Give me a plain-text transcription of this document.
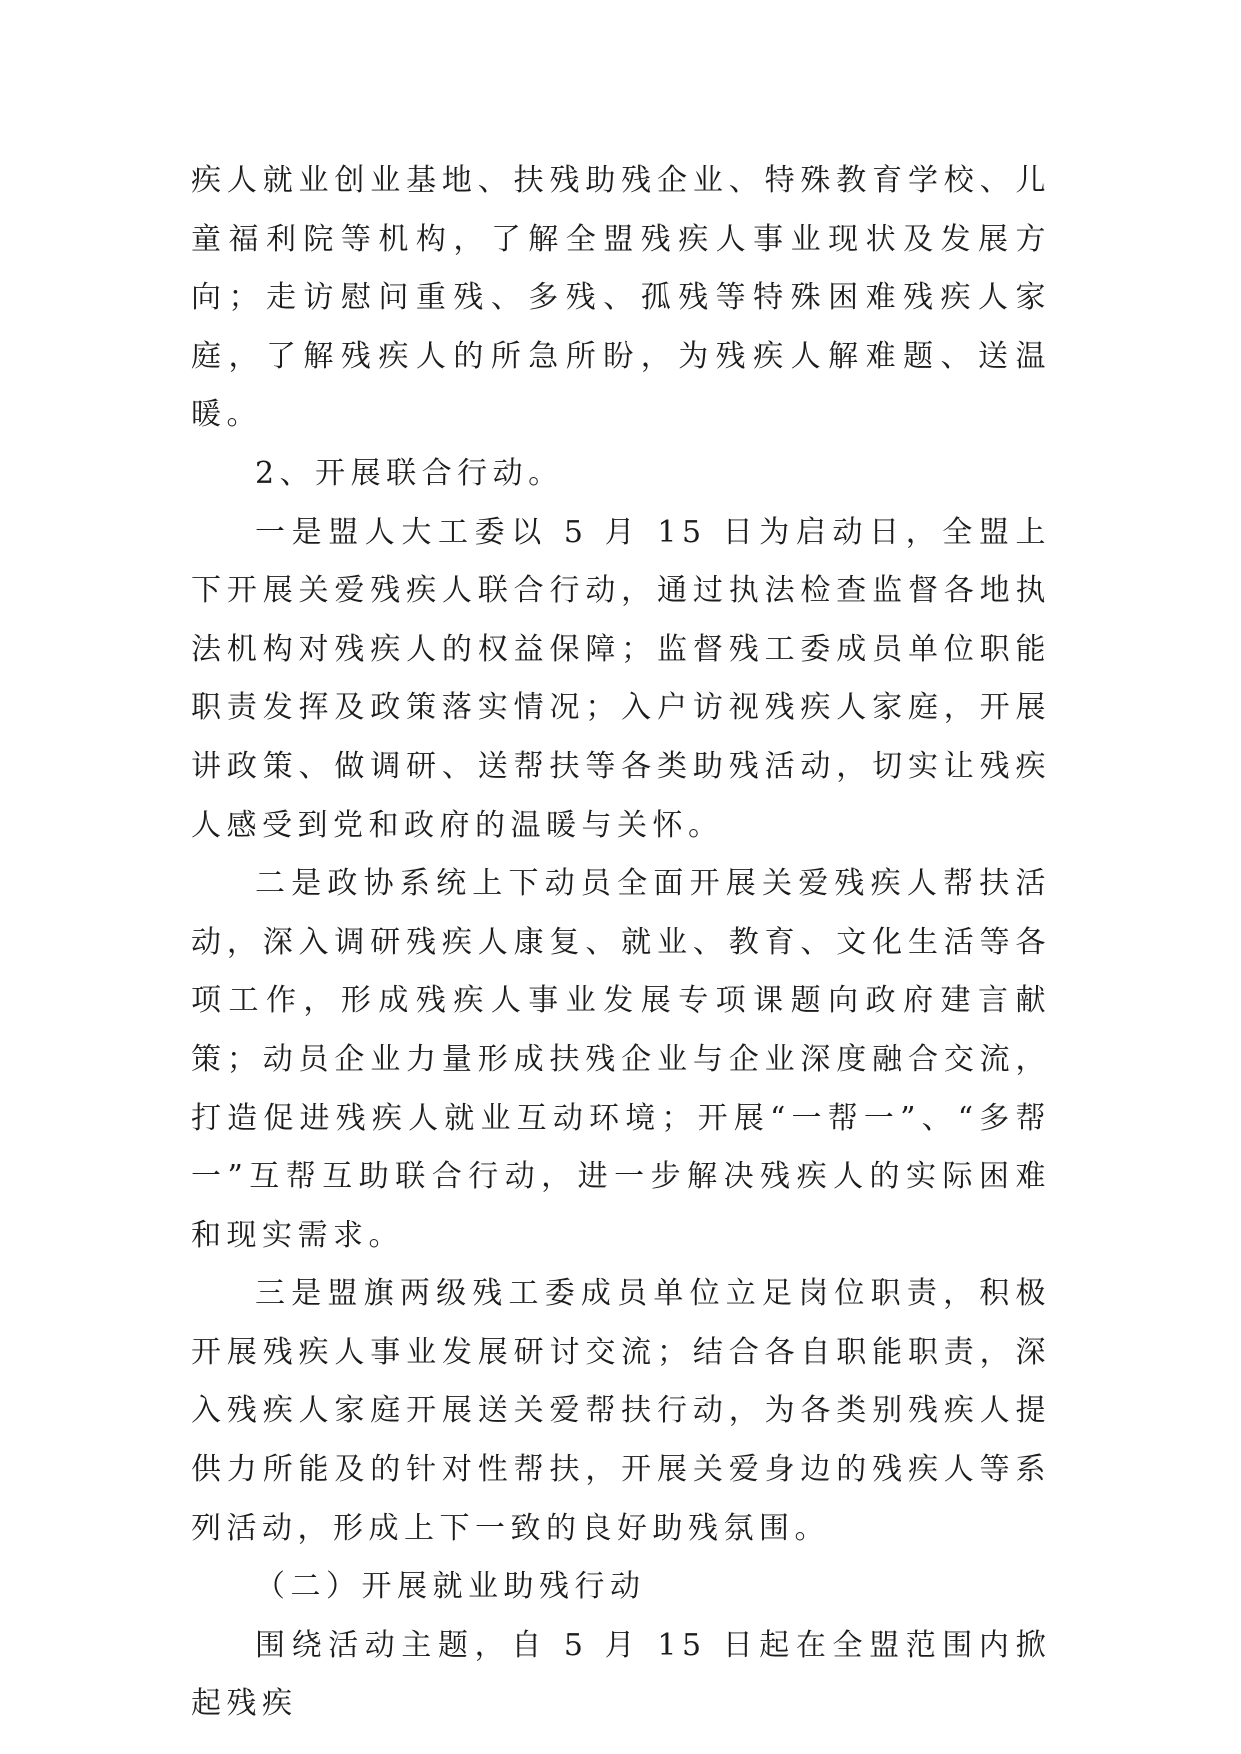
疾人就业创业基地、扶残助残企业、特殊教育学校、儿童福利院等机构，了解全盟残疾人事业现状及发展方向；走访慰问重残、多残、孤残等特殊困难残疾人家庭，了解残疾人的所急所盼，为残疾人解难题、送温暖。

2、开展联合行动。

一是盟人大工委以 5 月 15 日为启动日，全盟上下开展关爱残疾人联合行动，通过执法检查监督各地执法机构对残疾人的权益保障；监督残工委成员单位职能职责发挥及政策落实情况；入户访视残疾人家庭，开展讲政策、做调研、送帮扶等各类助残活动，切实让残疾人感受到党和政府的温暖与关怀。

二是政协系统上下动员全面开展关爱残疾人帮扶活动，深入调研残疾人康复、就业、教育、文化生活等各项工作，形成残疾人事业发展专项课题向政府建言献策；动员企业力量形成扶残企业与企业深度融合交流，打造促进残疾人就业互动环境；开展“一帮一”、“多帮一”互帮互助联合行动，进一步解决残疾人的实际困难和现实需求。

三是盟旗两级残工委成员单位立足岗位职责，积极开展残疾人事业发展研讨交流；结合各自职能职责，深入残疾人家庭开展送关爱帮扶行动，为各类别残疾人提供力所能及的针对性帮扶，开展关爱身边的残疾人等系列活动，形成上下一致的良好助残氛围。

（二）开展就业助残行动

围绕活动主题，自 5 月 15 日起在全盟范围内掀起残疾
